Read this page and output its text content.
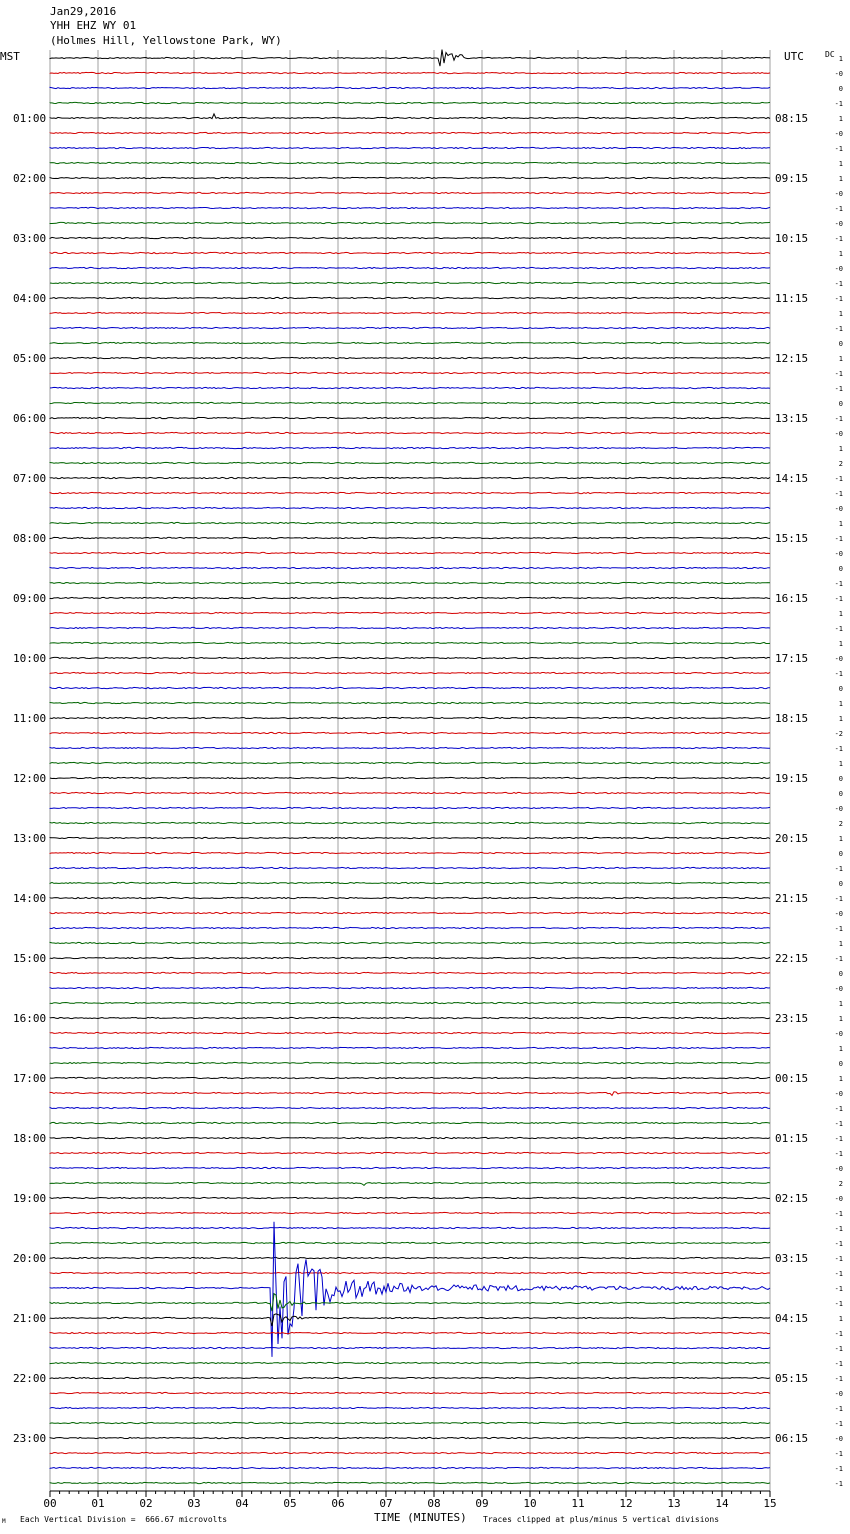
Jan29,2016
YHH EHZ WY 01
(Holmes Hill, Yellowstone Park, WY)
MST	UTC	DC
00	01	02	03	04	05	06	07	08	09	10	11	12	13	14	15
1
-0
0
-1
1
-0
-1
1
1
-0
-1
-0
-1
1
-0
-1
-1
1
-1
0
1
-1
-1
0
-1
-0
1
2
-1
-1
-0
1
-1
-0
0
-1
-1
1
-1
1
-0
-1
0
1
1
-2
-1
1
0
0
-0
2
1
0
-1
0
-1
-0
-1
1
-1
0
-0
1
1
-0
1
0
1
-0
-1
-1
-1
-1
-0
2
-0
-1
-1
-1
-1
-1
-1
-1
1
-1
-1
-1
-1
-0
-1
-1
-0
-1
-1
-1
01:00
02:00
03:00
04:00
05:00
06:00
07:00
08:00
09:00
10:00
11:00
12:00
13:00
14:00
15:00
16:00
17:00
18:00
19:00
20:00
21:00
22:00
23:00
08:15
09:15
10:15
11:15
12:15
13:15
14:15
15:15
16:15
17:15
18:15
19:15
20:15
21:15
22:15
23:15
00:15
01:15
02:15
03:15
04:15
05:15
06:15
Each Vertical Division =  666.67 microvolts	TIME (MINUTES) Traces clipped at plus/minus 5 vertical divisions
M
